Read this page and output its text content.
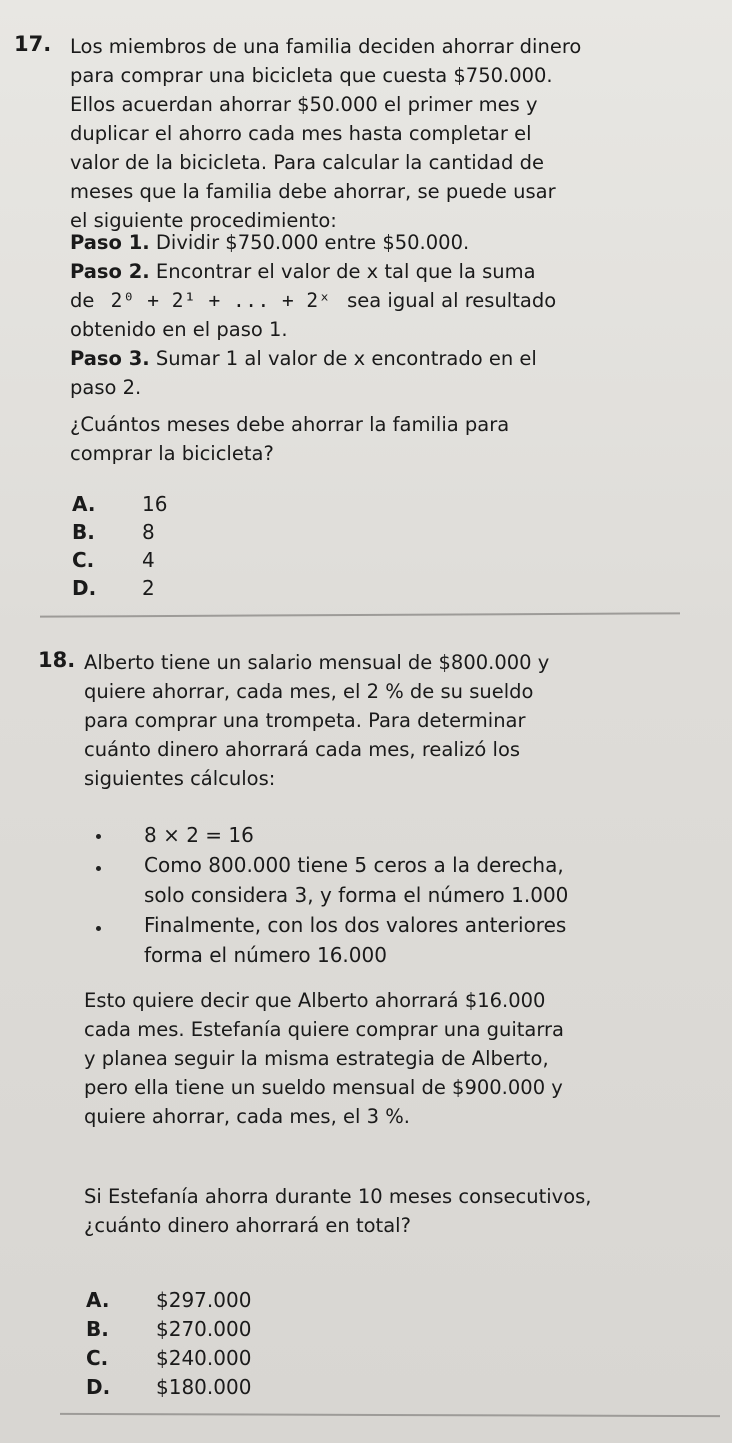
17. Los miembros de una familia deciden ahorrar dinero
para comprar una bicicleta que cuesta $750.000.
Ellos acuerdan ahorrar $50.000 el primer mes y
duplicar el ahorro cada mes hasta completar el
valor de la bicicleta. Para calcular la cantidad de
meses que la familia debe ahorrar, se puede usar
el siguiente procedimiento:
Paso 1. Dividir $750.000 entre $50.000.
Paso 2. Encontrar el valor de x tal que la suma
de 2⁰ + 2¹ + ... + 2ˣ sea igual al resultado
obtenido en el paso 1.
Paso 3. Sumar 1 al valor de x encontrado en el
paso 2.
¿Cuántos meses debe ahorrar la familia para
comprar la bicicleta?
A.	16
B.	8
C.	4
D.	2
18. Alberto tiene un salario mensual de $800.000 y
quiere ahorrar, cada mes, el 2 % de su sueldo
para comprar una trompeta. Para determinar
cuánto dinero ahorrará cada mes, realizó los
siguientes cálculos:
8 × 2 = 16
Como 800.000 tiene 5 ceros a la derecha,
solo considera 3, y forma el número 1.000
Finalmente, con los dos valores anteriores
forma el número 16.000
Esto quiere decir que Alberto ahorrará $16.000
cada mes. Estefanía quiere comprar una guitarra
y planea seguir la misma estrategia de Alberto,
pero ella tiene un sueldo mensual de $900.000 y
quiere ahorrar, cada mes, el 3 %.
Si Estefanía ahorra durante 10 meses consecutivos,
¿cuánto dinero ahorrará en total?
A.	$297.000
B.	$270.000
C.	$240.000
D.	$180.000
